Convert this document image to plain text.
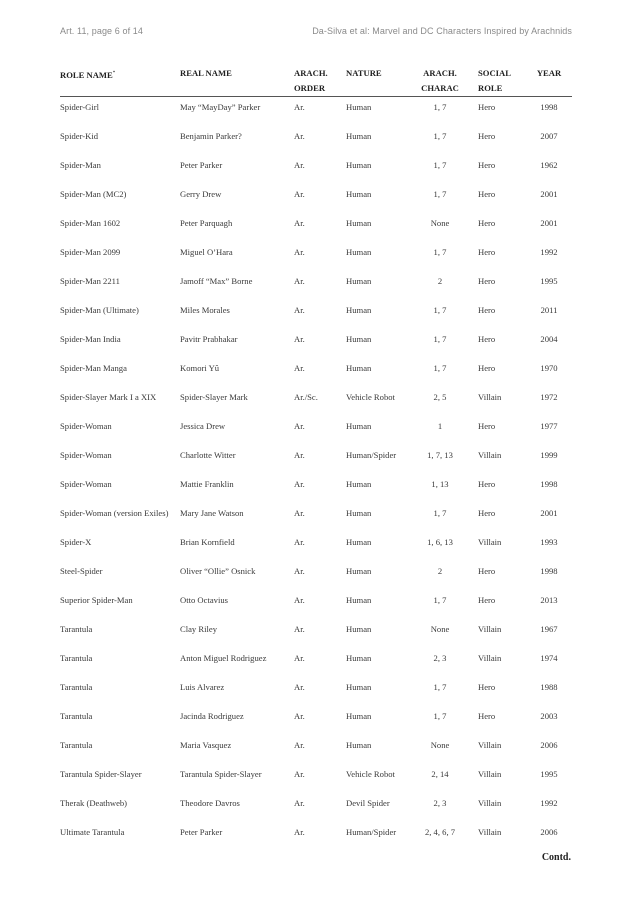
Art. 11, page 6 of 14	Da-Silva et al: Marvel and DC Characters Inspired by Arachnids
ROLE NAME*	REAL NAME	ARACH. ORDER	NATURE	ARACH. CHARAC	SOCIAL ROLE	YEAR
Spider-Girl	May “MayDay” Parker	Ar.	Human	1, 7	Hero	1998
Spider-Kid	Benjamin Parker?	Ar.	Human	1, 7	Hero	2007
Spider-Man	Peter Parker	Ar.	Human	1, 7	Hero	1962
Spider-Man (MC2)	Gerry Drew	Ar.	Human	1, 7	Hero	2001
Spider-Man 1602	Peter Parquagh	Ar.	Human	None	Hero	2001
Spider-Man 2099	Miguel O’Hara	Ar.	Human	1, 7	Hero	1992
Spider-Man 2211	Jamoff “Max” Borne	Ar.	Human	2	Hero	1995
Spider-Man (Ultimate)	Miles Morales	Ar.	Human	1, 7	Hero	2011
Spider-Man India	Pavitr Prabhakar	Ar.	Human	1, 7	Hero	2004
Spider-Man Manga	Komori Yû	Ar.	Human	1, 7	Hero	1970
Spider-Slayer Mark I a XIX	Spider-Slayer Mark	Ar./Sc.	Vehicle Robot	2, 5	Villain	1972
Spider-Woman	Jessica Drew	Ar.	Human	1	Hero	1977
Spider-Woman	Charlotte Witter	Ar.	Human/Spider	1, 7, 13	Villain	1999
Spider-Woman	Mattie Franklin	Ar.	Human	1, 13	Hero	1998
Spider-Woman (version Exiles)	Mary Jane Watson	Ar.	Human	1, 7	Hero	2001
Spider-X	Brian Kornfield	Ar.	Human	1, 6, 13	Villain	1993
Steel-Spider	Oliver “Ollie” Osnick	Ar.	Human	2	Hero	1998
Superior Spider-Man	Otto Octavius	Ar.	Human	1, 7	Hero	2013
Tarantula	Clay Riley	Ar.	Human	None	Villain	1967
Tarantula	Anton Miguel Rodriguez	Ar.	Human	2, 3	Villain	1974
Tarantula	Luis Alvarez	Ar.	Human	1, 7	Hero	1988
Tarantula	Jacinda Rodriguez	Ar.	Human	1, 7	Hero	2003
Tarantula	Maria Vasquez	Ar.	Human	None	Villain	2006
Tarantula Spider-Slayer	Tarantula Spider-Slayer	Ar.	Vehicle Robot	2, 14	Villain	1995
Therak (Deathweb)	Theodore Davros	Ar.	Devil Spider	2, 3	Villain	1992
Ultimate Tarantula	Peter Parker	Ar.	Human/Spider	2, 4, 6, 7	Villain	2006
Contd.
